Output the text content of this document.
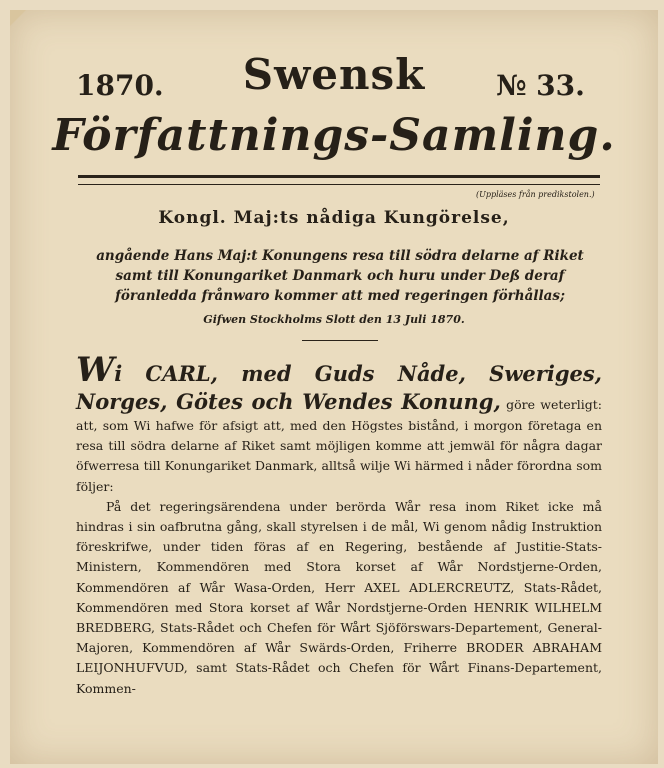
Swensk
1870.	№ 33.
Författnings-Samling.
(Uppläses från predikstolen.)
Kongl. Maj:ts nådiga Kungörelse,
angående Hans Maj:t Konungens resa till södra delarne af Riket samt till Konungariket Danmark och huru under Deß deraf föranledda frånwaro kommer att med regeringen förhållas;
Gifwen Stockholms Slott den 13 Juli 1870.

Wi CARL, med Guds Nåde, Sweriges, Norges, Götes och Wendes Konung, göre weterligt: att, som Wi hafwe för afsigt att, med den Högstes bistånd, i morgon företaga en resa till södra delarne af Riket samt möjligen komme att jemwäl för några dagar öfwerresa till Konungariket Danmark, alltså wilje Wi härmed i nåder förordna som följer:

På det regeringsärendena under berörda Wår resa inom Riket icke må hindras i sin oafbrutna gång, skall styrelsen i de mål, Wi genom nådig Instruktion föreskrifwe, under tiden föras af en Regering, bestående af Justitie-Stats-Ministern, Kommendören med Stora korset af Wår Nordstjerne-Orden, Kommendören af Wår Wasa-Orden, Herr AXEL ADLERCREUTZ, Stats-Rådet, Kommendören med Stora korset af Wår Nordstjerne-Orden HENRIK WILHELM BREDBERG, Stats-Rådet och Chefen för Wårt Sjöförswars-Departement, General-Majoren, Kommendören af Wår Swärds-Orden, Friherre BRODER ABRAHAM LEIJONHUFVUD, samt Stats-Rådet och Chefen för Wårt Finans-Departement, Kommen-
